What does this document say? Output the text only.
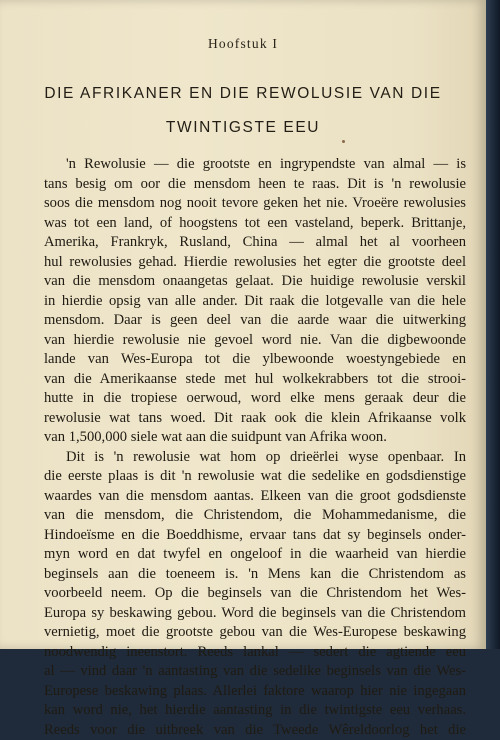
Hoofstuk I
DIE AFRIKANER EN DIE REWOLUSIE VAN DIE
TWINTIGSTE EEU
'n Rewolusie — die grootste en ingrypendste van almal — is
tans besig om oor die mensdom heen te raas. Dit is 'n rewolusie
soos die mensdom nog nooit tevore geken het nie. Vroeëre rewolusies
was tot een land, of hoogstens tot een vasteland, beperk. Brittanje,
Amerika, Frankryk, Rusland, China — almal het al voorheen
hul rewolusies gehad. Hierdie rewolusies het egter die grootste deel
van die mensdom onaangetas gelaat. Die huidige rewolusie verskil
in hierdie opsig van alle ander. Dit raak die lotgevalle van die hele
mensdom. Daar is geen deel van die aarde waar die uitwerking
van hierdie rewolusie nie gevoel word nie. Van die digbewoonde
lande van Wes-Europa tot die ylbewoonde woestyngebiede en
van die Amerikaanse stede met hul wolkekrabbers tot die strooi-
hutte in die tropiese oerwoud, word elke mens geraak deur die
rewolusie wat tans woed. Dit raak ook die klein Afrikaanse volk
van 1,500,000 siele wat aan die suidpunt van Afrika woon.
Dit is 'n rewolusie wat hom op drieërlei wyse openbaar. In
die eerste plaas is dit 'n rewolusie wat die sedelike en godsdienstige
waardes van die mensdom aantas. Elkeen van die groot godsdienste
van die mensdom, die Christendom, die Mohammedanisme, die
Hindoeïsme en die Boeddhisme, ervaar tans dat sy beginsels onder-
myn word en dat twyfel en ongeloof in die waarheid van hierdie
beginsels aan die toeneem is. 'n Mens kan die Christendom as
voorbeeld neem. Op die beginsels van die Christendom het Wes-
Europa sy beskawing gebou. Word die beginsels van die Christendom
vernietig, moet die grootste gebou van die Wes-Europese beskawing
noodwendig ineenstort. Reeds lankal — sedert die agtiende eeu
al — vind daar 'n aantasting van die sedelike beginsels van die Wes-
Europese beskawing plaas. Allerlei faktore waarop hier nie ingegaan
kan word nie, het hierdie aantasting in die twintigste eeu verhaas.
Reeds voor die uitbreek van die Tweede Wêreldoorlog het die
